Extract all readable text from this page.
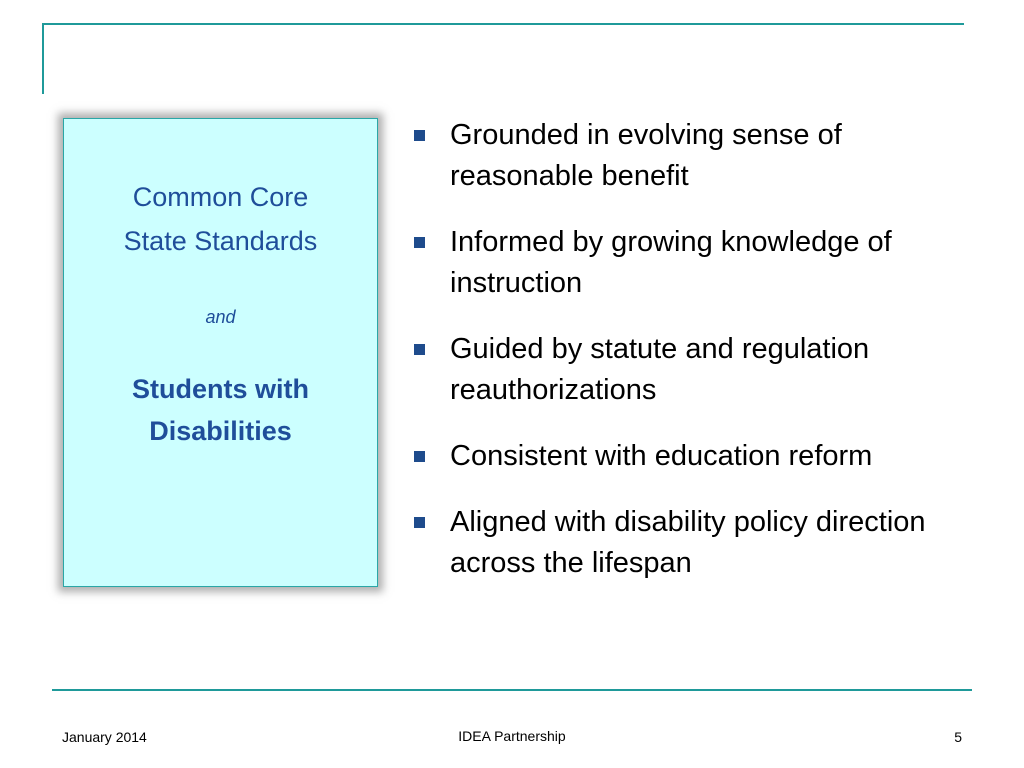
Common Core
State Standards
and
Students with
Disabilities
Grounded in evolving sense of reasonable benefit
Informed by growing knowledge of instruction
Guided by statute and regulation reauthorizations
Consistent with education reform
Aligned with disability policy direction across the lifespan
January 2014	IDEA Partnership	5
